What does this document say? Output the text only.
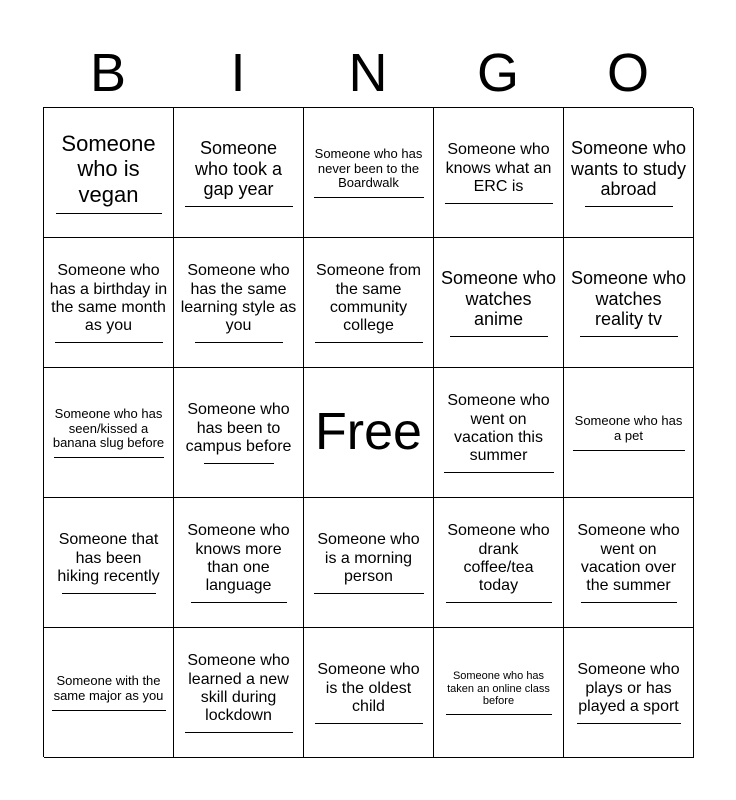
B	I	N	G	O
Someone who is vegan
Someone who took a gap year
Someone who has never been to the Boardwalk
Someone who knows what an ERC is
Someone who wants to study abroad
Someone who has a birthday in the same month as you
Someone who has the same learning style as you
Someone from the same community college
Someone who watches anime
Someone who watches reality tv
Someone who has seen/kissed a banana slug before
Someone who has been to campus before Free
Someone who went on vacation this summer
Someone who has a pet
Someone that has been hiking recently
Someone who knows more than one language
Someone who is a morning person
Someone who drank coffee/tea today
Someone who went on vacation over the summer
Someone with the same major as you
Someone who learned a new skill during lockdown
Someone who is the oldest child
Someone who has taken an online class before
Someone who plays or has played a sport
